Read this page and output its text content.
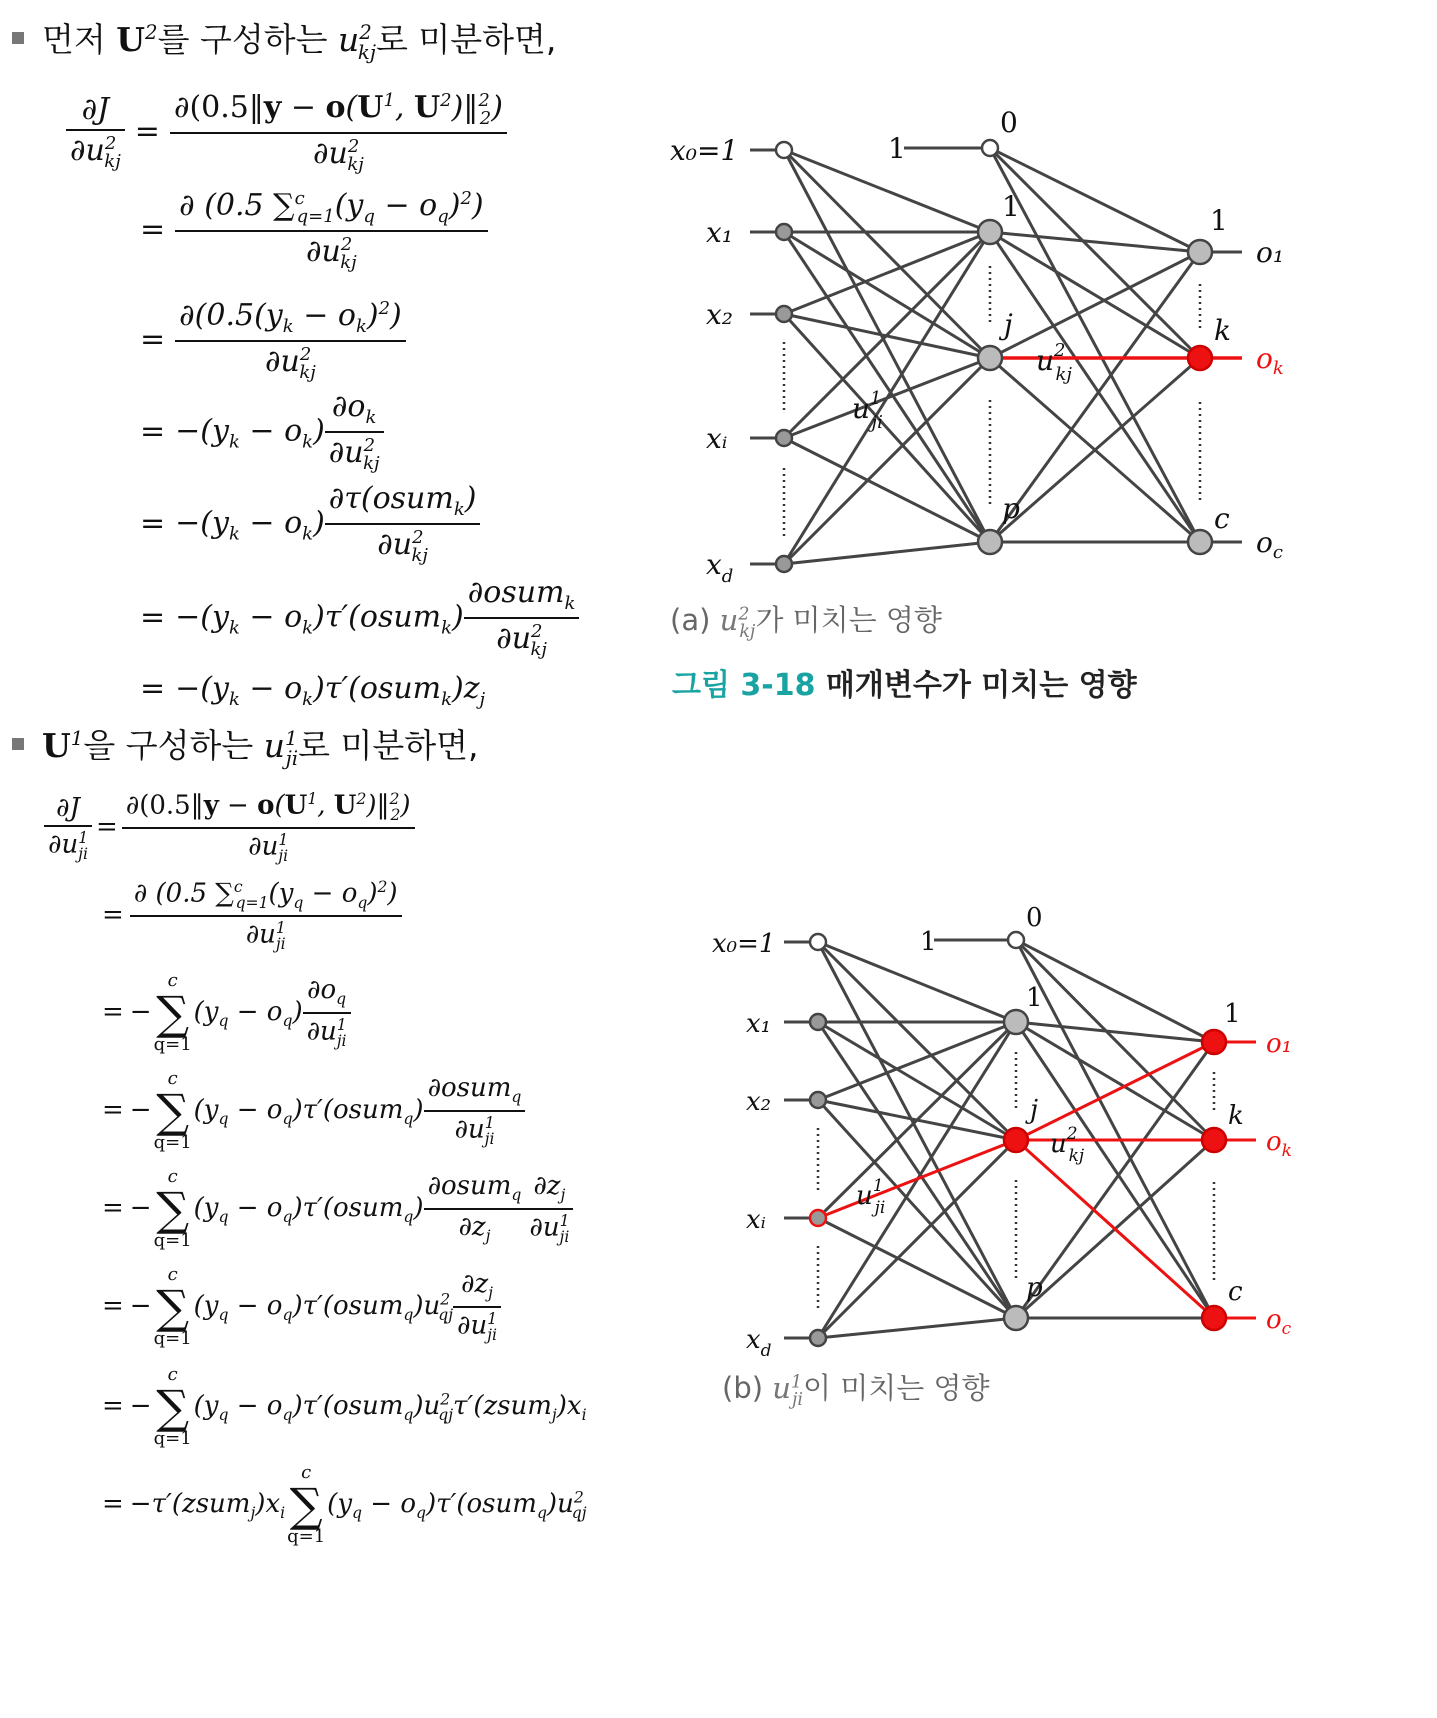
먼저 $U^2$를 구성하는 $u^2_{kj}$로 미분하면,
$\frac{\partial J}{\partial u^2_{kj}} = \frac{\partial(0.5‖y - o(U^1, U^2)‖^2_2)}{\partial u^2_{kj}}$
= $\frac{\partial (0.5 \sum^c_{q=1}(y_q - o_q)^2)}{\partial u^2_{kj}}$
= $\frac{\partial(0.5(y_k - o_k)^2)}{\partial u^2_{kj}}$
= $-(y_k - o_k) \frac{\partial o_k}{\partial u^2_{kj}}$
= $-(y_k - o_k) \frac{\partial\tau(osum_k)}{\partial u^2_{kj}}$
= $-(y_k$ − $o_k)\tau'(osum_k) \frac{\partial osum_k}{\partial u^2_{kj}}$
= $-(y_k$ − $o_k)\tau'(osum_k)z_j$
$U^1$을 구성하는 $u^1_{ji}$로 미분하면,
$\frac{\partial J}{\partial u^1_{ji}} = \frac{\partial(0.5‖y - o(U^1, U^2)‖^2_2)}{\partial u^1_{ji}}$
= $\frac{\partial (0.5 \sum^c_{q=1}(y_q - o_q)^2)}{\partial u^1_{ji}}$
= −
c
∑
q=1
$(y_q - o_q) \frac{\partial o_q}{\partial u^1_{ji}}$
= −
c
∑
q=1
($y_q$ − $o_q)\tau'(osum_q) \frac{\partial osum_q}{\partial u^1_{ji}}$
= −
c
∑
q=1
($y_q$ − $o_q)\tau'(osum_q) \frac{\partial osum_q}{\partial z_j} \frac{\partial z_j}{\partial u^1_{ji}}$
= −
c
∑
q=1
($y_q$ − $o_q)\tau'(osum_q)u^2_{qj} \frac{\partial z_j}{\partial u^1_{ji}}$
= −
c
∑
q=1
($y_q$ − $o_q)\tau'(osum_q)u^2_{qj}\tau'(zsum_j)x_i$
= $-\tau'(zsum_j)x_i$
c
∑
q=1
($y_q$ − $o_q)\tau'(osum_q)u^2_{qj}$
x₀=1
x₁
x₂
xᵢ
$x_d$
1
0
1
j
p
1
k
c
o₁
$o_k$
$o_c$
$u^1$ ji
$u^2$ kj
(a) $u^2_{kj}$가 미치는 영향
그림 3-18 매개변수가 미치는 영향
x₀=1
x₁
x₂
xᵢ
$x_d$
1
0
1
j
p
1
k
c
o₁
$o_k$
$o_c$
$u^1$ ji
$u^2$ kj
(b) $u^1_{ji}$이 미치는 영향
